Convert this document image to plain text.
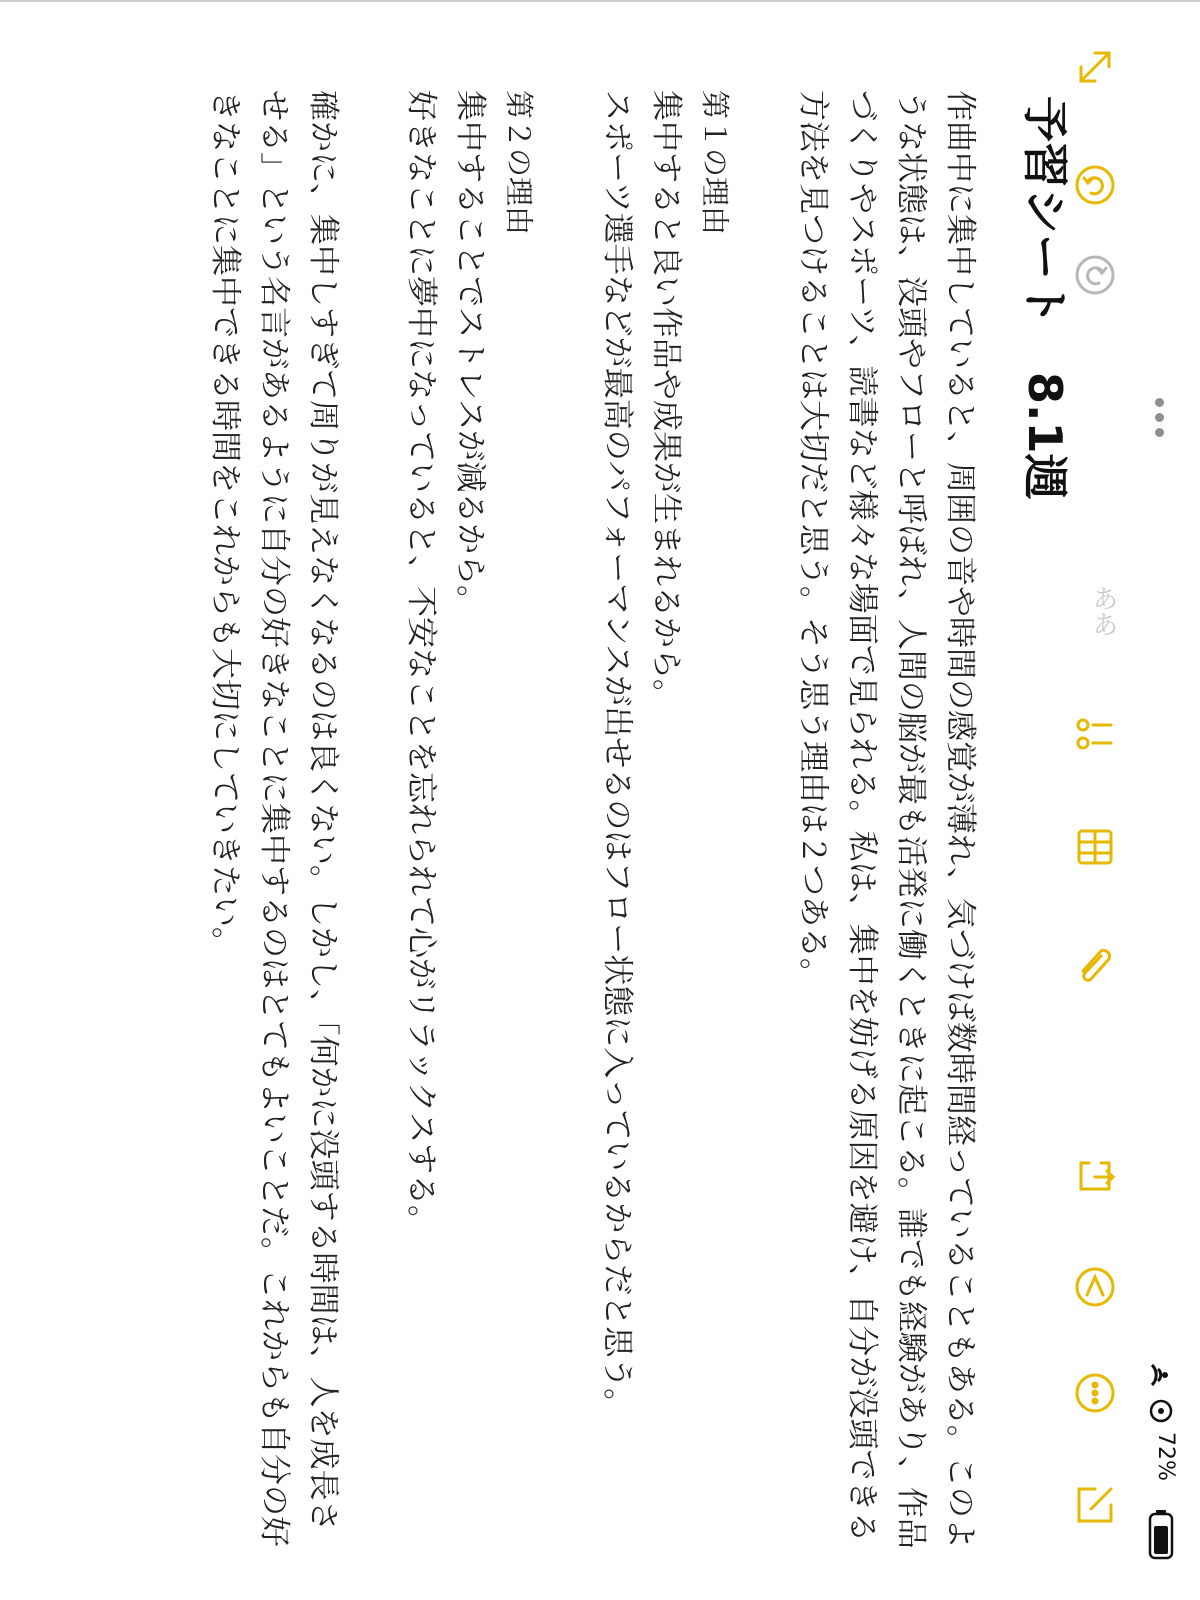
予習シート　8.1週

作曲中に集中していると、周囲の音や時間の感覚が薄れ、気づけば数時間経っていることもある。このような状態は、没頭やフローと呼ばれ、人間の脳が最も活発に働くときに起こる。誰でも経験があり、作品づくりやスポーツ、読書など様々な場面で見られる。私は、集中を妨げる原因を避け、自分が没頭できる方法を見つけることは大切だと思う。そう思う理由は２つある。

第１の理由

集中すると良い作品や成果が生まれるから。

スポーツ選手などが最高のパフォーマンスが出せるのはフロー状態に入っているからだと思う。

第２の理由

集中することでストレスが減るから。

好きなことに夢中になっていると、不安なことを忘れられて心がリラックスする。

確かに、集中しすぎて周りが見えなくなるのは良くない。しかし、「何かに没頭する時間は、人を成長させる」という名言があるように自分の好きなことに集中するのはとてもよいことだ。これからも自分の好きなことに集中できる時間をこれからも大切にしていきたい。	ああ
72%
